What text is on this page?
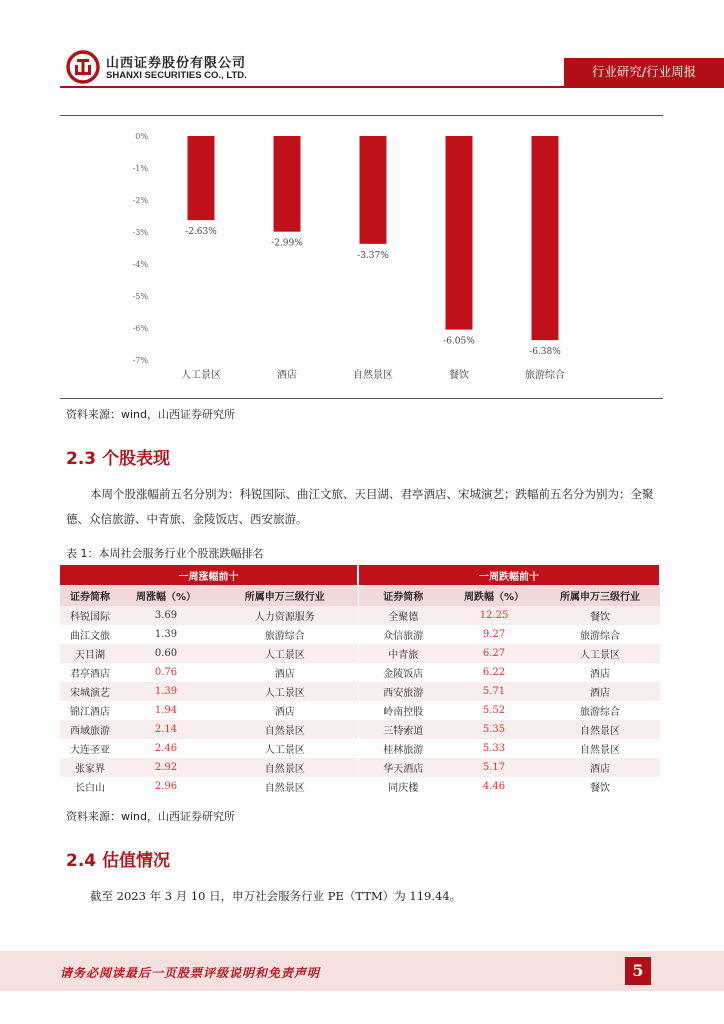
山西证券股份有限公司
SHANXI SECURITIES CO., LTD.	行业研究/行业周报
0%
-1%
-2%
-3%
-4%
-5%
-6%
-7%
-2.63%
-2.99%
-3.37%
-6.05%
-6.38%
人工景区	酒店	自然景区	餐饮	旅游综合
资料来源：wind，山西证券研究所
2.3 个股表现
本周个股涨幅前五名分别为：科锐国际、曲江文旅、天目湖、君亭酒店、宋城演艺；跌幅前五名分为别为：全聚德、众信旅游、中青旅、金陵饭店、西安旅游。
表 1：本周社会服务行业个股涨跌幅排名
一周涨幅前十			一周跌幅前十		
证券简称	周涨幅（%）	所属申万三级行业	证券简称	周跌幅（%）	所属申万三级行业
科锐国际	3.69	人力资源服务	全聚德	12.25	餐饮
曲江文旅	1.39	旅游综合	众信旅游	9.27	旅游综合
天目湖	0.60	人工景区	中青旅	6.27	人工景区
君亭酒店	0.76	酒店	金陵饭店	6.22	酒店
宋城演艺	1.39	人工景区	西安旅游	5.71	酒店
锦江酒店	1.94	酒店	岭南控股	5.52	旅游综合
西域旅游	2.14	自然景区	三特索道	5.35	自然景区
大连圣亚	2.46	人工景区	桂林旅游	5.33	自然景区
张家界	2.92	自然景区	华天酒店	5.17	酒店
长白山	2.96	自然景区	同庆楼	4.46	餐饮
资料来源：wind，山西证券研究所
2.4 估值情况
截至 2023 年 3 月 10 日，申万社会服务行业 PE（TTM）为 119.44。
请务必阅读最后一页股票评级说明和免责声明	5
